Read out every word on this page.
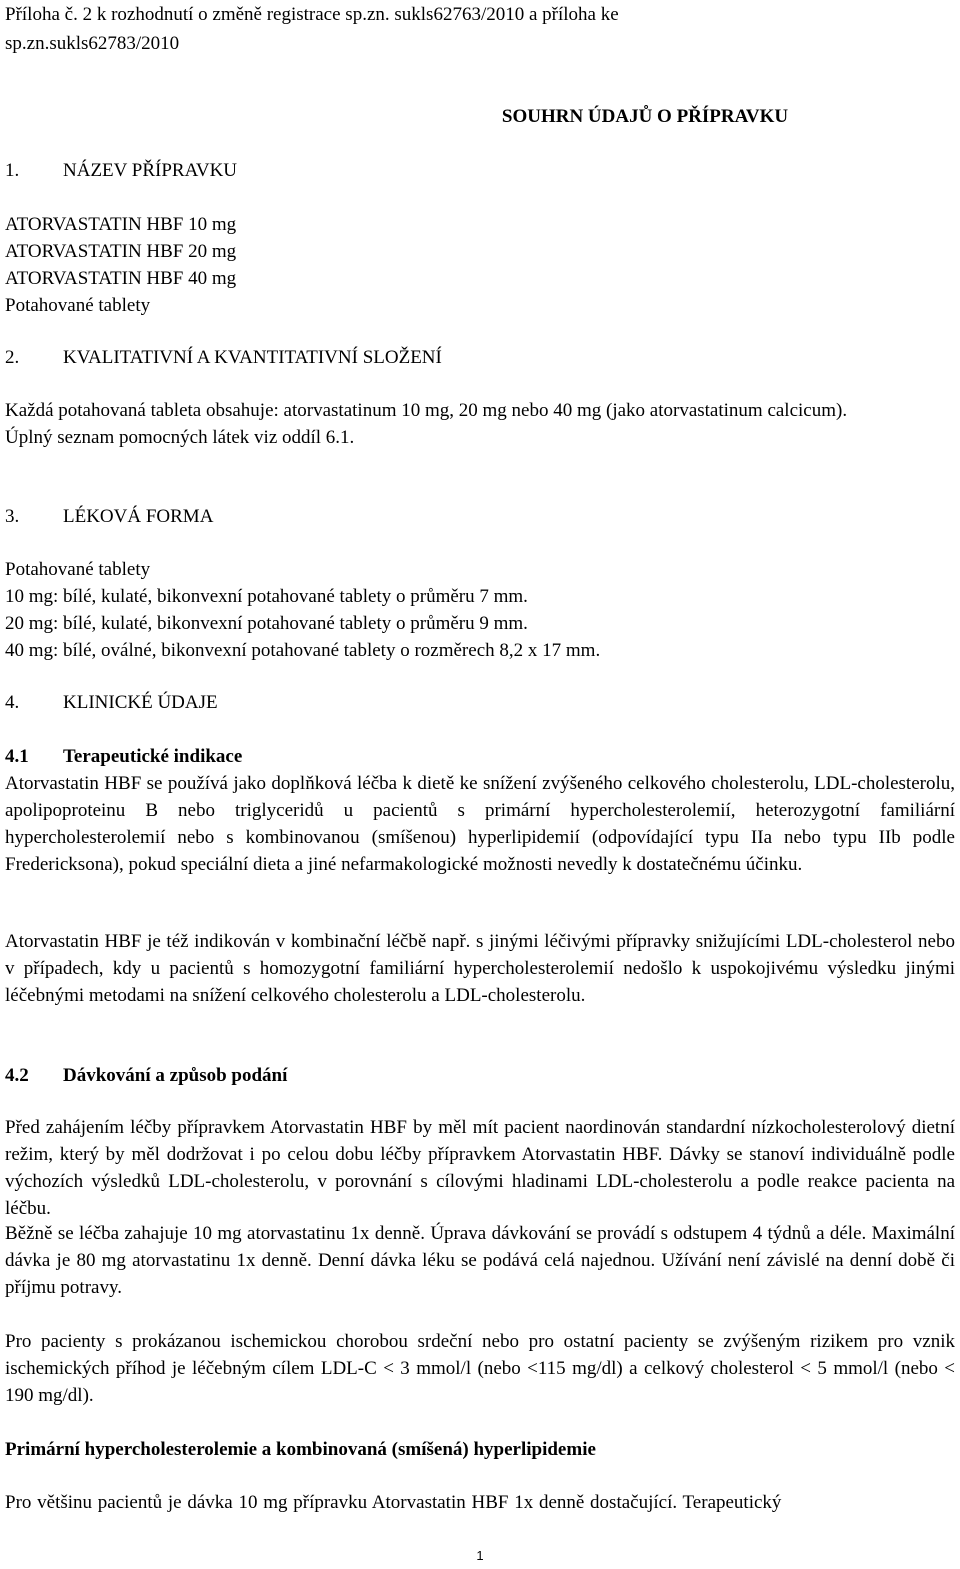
Příloha č. 2 k rozhodnutí o změně registrace sp.zn. sukls62763/2010 a příloha ke
sp.zn.sukls62783/2010
SOUHRN ÚDAJŮ O PŘÍPRAVKU
1. NÁZEV PŘÍPRAVKU
ATORVASTATIN HBF 10 mg
ATORVASTATIN HBF 20 mg
ATORVASTATIN HBF 40 mg
Potahované tablety
2. KVALITATIVNÍ A KVANTITATIVNÍ SLOŽENÍ
Každá potahovaná tableta obsahuje: atorvastatinum 10 mg, 20 mg nebo 40 mg (jako atorvastatinum calcicum).
Úplný seznam pomocných látek viz oddíl 6.1.
3. LÉKOVÁ FORMA
Potahované tablety
10 mg: bílé, kulaté, bikonvexní potahované tablety o průměru 7 mm.
20 mg: bílé, kulaté, bikonvexní potahované tablety o průměru 9 mm.
40 mg: bílé, oválné, bikonvexní potahované tablety o rozměrech 8,2 x 17 mm.
4. KLINICKÉ ÚDAJE
4.1 Terapeutické indikace
Atorvastatin HBF se používá jako doplňková léčba k dietě ke snížení zvýšeného celkového cholesterolu, LDL-cholesterolu, apolipoproteinu B nebo triglyceridů u pacientů s primární hypercholesterolemií, heterozygotní familiární hypercholesterolemií nebo s kombinovanou (smíšenou) hyperlipidemií (odpovídající typu IIa nebo typu IIb podle Fredericksona), pokud speciální dieta a jiné nefarmakologické možnosti nevedly k dostatečnému účinku.
Atorvastatin HBF je též indikován v kombinační léčbě např. s jinými léčivými přípravky snižujícími LDL-cholesterol nebo v případech, kdy u pacientů s homozygotní familiární hypercholesterolemií nedošlo k uspokojivému výsledku jinými léčebnými metodami na snížení celkového cholesterolu a LDL-cholesterolu.
4.2 Dávkování a způsob podání
Před zahájením léčby přípravkem Atorvastatin HBF by měl mít pacient naordinován standardní nízkocholesterolový dietní režim, který by měl dodržovat i po celou dobu léčby přípravkem Atorvastatin HBF. Dávky se stanoví individuálně podle výchozích výsledků LDL-cholesterolu, v porovnání s cílovými hladinami LDL-cholesterolu a podle reakce pacienta na léčbu.
Běžně se léčba zahajuje 10 mg atorvastatinu 1x denně. Úprava dávkování se provádí s odstupem 4 týdnů a déle. Maximální dávka je 80 mg atorvastatinu 1x denně. Denní dávka léku se podává celá najednou. Užívání není závislé na denní době či příjmu potravy.
Pro pacienty s prokázanou ischemickou chorobou srdeční nebo pro ostatní pacienty se zvýšeným rizikem pro vznik ischemických příhod je léčebným cílem LDL-C < 3 mmol/l (nebo <115 mg/dl) a celkový cholesterol < 5 mmol/l (nebo < 190 mg/dl).
Primární hypercholesterolemie a kombinovaná (smíšená) hyperlipidemie
Pro většinu pacientů je dávka 10 mg přípravku Atorvastatin HBF 1x denně dostačující. Terapeutický
1
